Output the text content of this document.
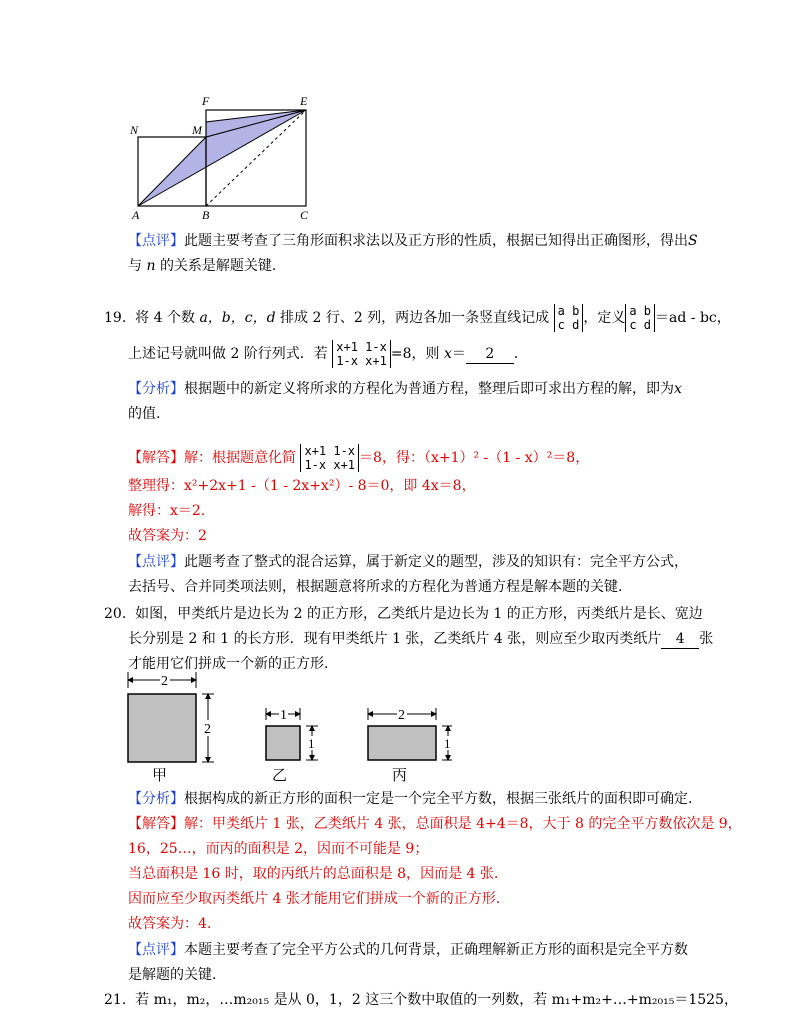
N	M
F	E
A	B	C
【点评】此题主要考查了三角形面积求法以及正方形的性质，根据已知得出正确图形，得出S
与 n 的关系是解题关键.
19. 将 4 个数 a，b，c，d 排成 2 行、2 列，两边各加一条竖直线记成 a b
c d ，定义 a b
c d ＝ad - bc，
上述记号就叫做 2 阶行列式．若 x+1 1-x
1-x x+1 =8，则 x＝ 2 ．
【分析】根据题中的新定义将所求的方程化为普通方程，整理后即可求出方程的解，即为x
的值.
【解答】解：根据题意化简 x+1 1-x
1-x x+1 ＝8，得：（x+1）² -（1 - x）²＝8，
整理得：x²+2x+1 -（1 - 2x+x²）- 8＝0，即 4x＝8，
解得：x＝2.
故答案为：2
【点评】此题考查了整式的混合运算，属于新定义的题型，涉及的知识有：完全平方公式，
去括号、合并同类项法则，根据题意将所求的方程化为普通方程是解本题的关键.
20. 如图，甲类纸片是边长为 2 的正方形，乙类纸片是边长为 1 的正方形，丙类纸片是长、宽边
长分别是 2 和 1 的长方形．现有甲类纸片 1 张，乙类纸片 4 张，则应至少取丙类纸片 4 张
才能用它们拼成一个新的正方形.
2
2
甲
1
1
乙
2
1
丙
【分析】根据构成的新正方形的面积一定是一个完全平方数，根据三张纸片的面积即可确定.
【解答】解：甲类纸片 1 张，乙类纸片 4 张，总面积是 4+4＝8，大于 8 的完全平方数依次是 9，
16，25…，而丙的面积是 2，因而不可能是 9；
当总面积是 16 时，取的丙纸片的总面积是 8，因而是 4 张.
因而应至少取丙类纸片 4 张才能用它们拼成一个新的正方形.
故答案为：4.
【点评】本题主要考查了完全平方公式的几何背景，正确理解新正方形的面积是完全平方数
是解题的关键.
21. 若 m₁，m₂，…m₂₀₁₅ 是从 0，1，2 这三个数中取值的一列数，若 m₁+m₂+…+m₂₀₁₅＝1525，
